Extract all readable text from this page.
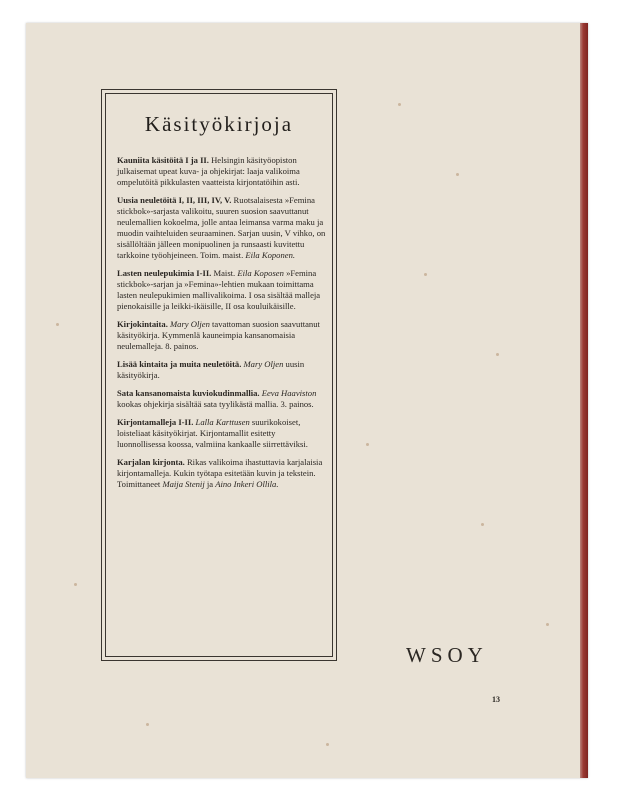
Käsityökirjoja

Kauniita käsitöitä I ja II. Helsingin käsityöopiston julkaisemat upeat kuva- ja ohjekirjat: laaja valikoima ompelutöitä pikkulasten vaatteista kirjontatöihin asti.

Uusia neuletöitä I, II, III, IV, V. Ruotsalaisesta »Femina stickbok»-sarjasta valikoitu, suuren suosion saavuttanut neulemallien kokoelma, jolle antaa leimansa varma maku ja muodin vaihteluiden seuraaminen. Sarjan uusin, V vihko, on sisällöltään jälleen monipuolinen ja runsaasti kuvitettu tarkkoine työohjeineen. Toim. maist. Eila Koponen.

Lasten neulepukimia I-II. Maist. Eila Koposen »Femina stickbok»-sarjan ja »Femina»-lehtien mukaan toimittama lasten neulepukimien mallivalikoima. I osa sisältää malleja pienokaisille ja leikki-ikäisille, II osa kouluikäisille.

Kirjokintaita. Mary Oljen tavattoman suosion saavuttanut käsityökirja. Kymmenlä kauneimpia kansanomaisia neulemalleja. 8. painos.

Lisää kintaita ja muita neuletöitä. Mary Oljen uusin käsityökirja.

Sata kansanomaista kuviokudinmallia. Eeva Haaviston kookas ohjekirja sisältää sata tyylikästä mallia. 3. painos.

Kirjontamalleja I-II. Lalla Karttusen suurikokoiset, loisteliaat käsityökirjat. Kirjontamallit esitetty luonnollisessa koossa, valmiina kankaalle siirrettäviksi.

Karjalan kirjonta. Rikas valikoima ihastuttavia karjalaisia kirjontamalleja. Kukin työtapa esitetään kuvin ja tekstein. Toimittaneet Maija Stenij ja Aino Inkeri Ollila.

WSOY
13
